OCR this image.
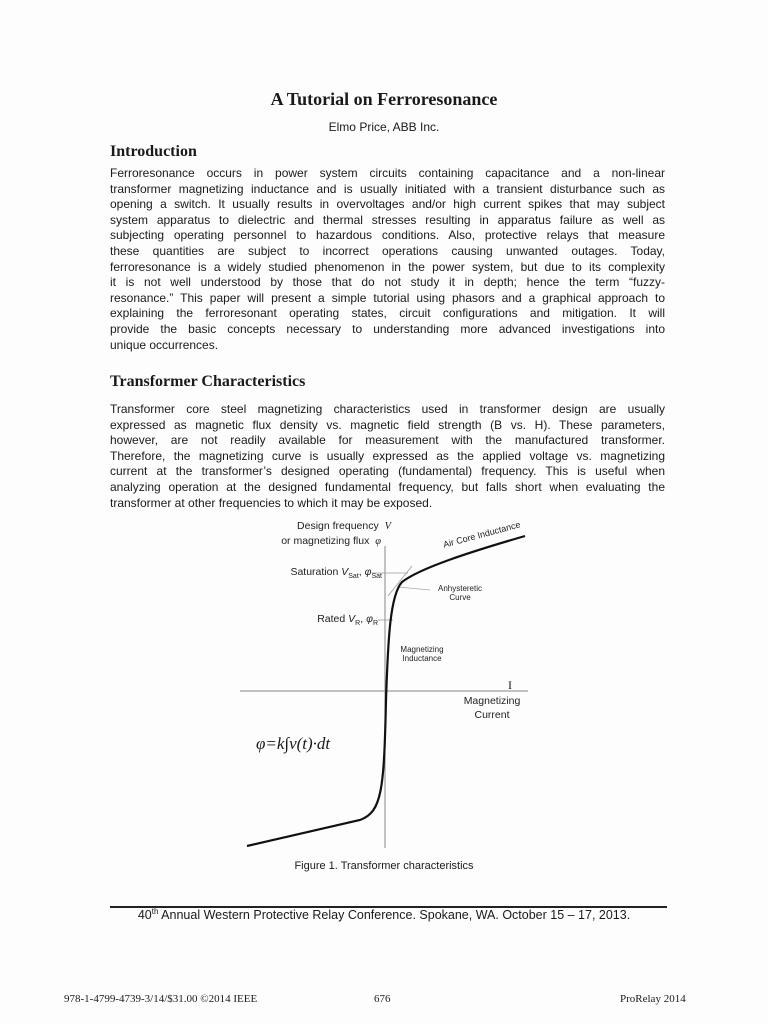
A Tutorial on Ferroresonance
Elmo Price, ABB Inc.
Introduction
Ferroresonance occurs in power system circuits containing capacitance and a non-linear
transformer magnetizing inductance and is usually initiated with a transient disturbance such as
opening a switch. It usually results in overvoltages and/or high current spikes that may subject
system apparatus to dielectric and thermal stresses resulting in apparatus failure as well as
subjecting operating personnel to hazardous conditions. Also, protective relays that measure
these quantities are subject to incorrect operations causing unwanted outages. Today,
ferroresonance is a widely studied phenomenon in the power system, but due to its complexity
it is not well understood by those that do not study it in depth; hence the term “fuzzy-
resonance.” This paper will present a simple tutorial using phasors and a graphical approach to
explaining the ferroresonant operating states, circuit configurations and mitigation. It will
provide the basic concepts necessary to understanding more advanced investigations into
unique occurrences.
Transformer Characteristics
Transformer core steel magnetizing characteristics used in transformer design are usually
expressed as magnetic flux density vs. magnetic field strength (B vs. H). These parameters,
however, are not readily available for measurement with the manufactured transformer.
Therefore, the magnetizing curve is usually expressed as the applied voltage vs. magnetizing
current at the transformer’s designed operating (fundamental) frequency. This is useful when
analyzing operation at the designed fundamental frequency, but falls short when evaluating the
transformer at other frequencies to which it may be exposed.
Design frequency V
or magnetizing flux φ
Saturation $V_{Sat}$, $\varphi_{Sat}$
Rated $V_R$, $\varphi_R$
Air Core Inductance
Anhysteretic
Curve
Magnetizing
Inductance
I
Magnetizing
Current
φ=k∫v(t)·dt
Figure 1. Transformer characteristics
40th Annual Western Protective Relay Conference. Spokane, WA. October 15 – 17, 2013.
978-1-4799-4739-3/14/$31.00 ©2014 IEEE	676	ProRelay 2014
